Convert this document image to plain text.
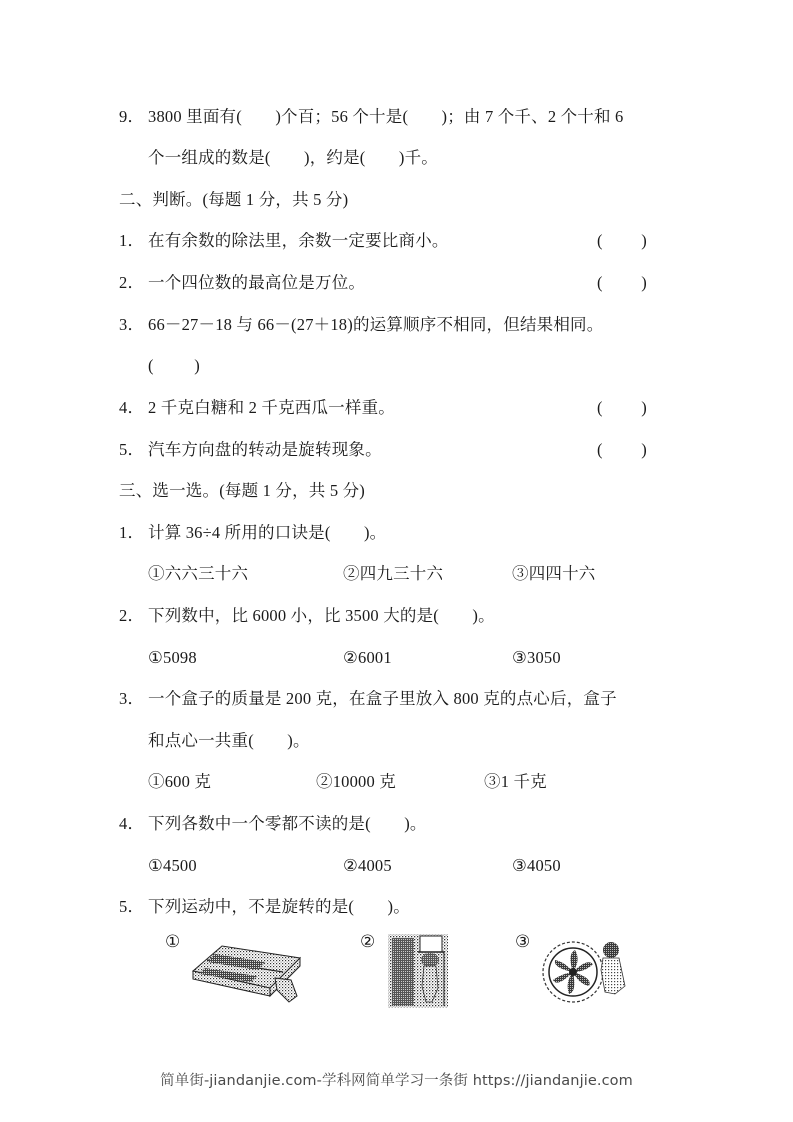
9． 3800 里面有(　　)个百；56 个十是(　　)；由 7 个千、2 个十和 6
个一组成的数是(　　)，约是(　　)千。
二、判断。(每题 1 分，共 5 分)
1． 在有余数的除法里，余数一定要比商小。	( )
2． 一个四位数的最高位是万位。	( )
3． 66－27－18 与 66－(27＋18)的运算顺序不相同，但结果相同。
( )
4． 2 千克白糖和 2 千克西瓜一样重。	( )
5． 汽车方向盘的转动是旋转现象。	( )
三、选一选。(每题 1 分，共 5 分)
1． 计算 36÷4 所用的口诀是(　　)。
①六六三十六	②四九三十六	③四四十六
2． 下列数中，比 6000 小，比 3500 大的是(　　)。
①5098	②6001	③3050
3． 一个盒子的质量是 200 克，在盒子里放入 800 克的点心后，盒子
和点心一共重(　　)。
①600 克	②10000 克	③1 千克
4． 下列各数中一个零都不读的是(　　)。
①4500	②4005	③4050
5． 下列运动中，不是旋转的是(　　)。
①	②	③
简单街-jiandanjie.com-学科网简单学习一条街 https://jiandanjie.com
